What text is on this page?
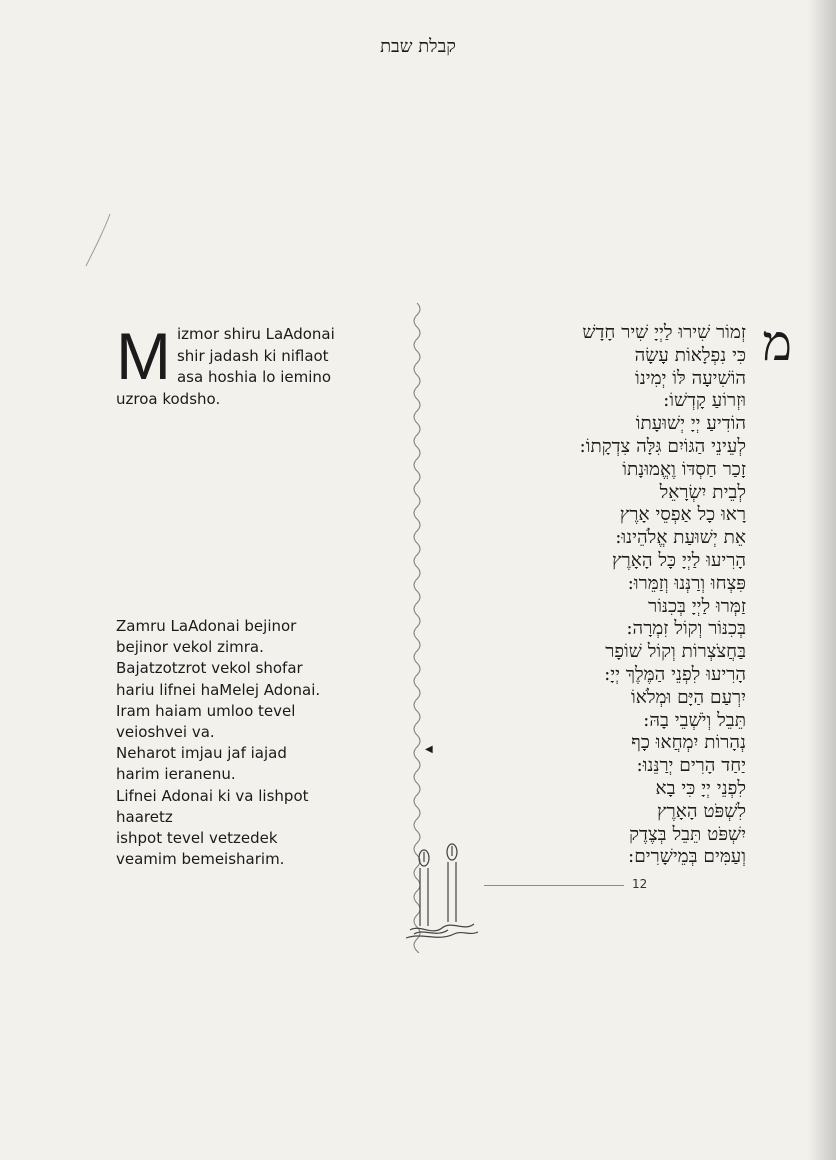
קבלת שבת
M izmor shiru LaAdonai

shir jadash ki niflaot

asa hoshia lo iemino

uzroa kodsho.

Zamru LaAdonai bejinor

bejinor vekol zimra.

Bajatzotzrot vekol shofar

hariu lifnei haMelej Adonai.

Iram haiam umloo tevel

veioshvei va.

Neharot imjau jaf iajad

harim ieranenu.

Lifnei Adonai ki va lishpot

haaretz

ishpot tevel vetzedek

veamim bemeisharim.

מ

זְמוֹר שִׁירוּ לַיְיָ שִׁיר חָדָשׁ

כִּי נִפְלָאוֹת עָשָׂה

הוֹשִׁיעָה לּוֹ יְמִינוֹ

וּזְרוֹעַ קָדְשׁוֹ:

הוֹדִיעַ יְיָ יְשׁוּעָתוֹ

לְעֵינֵי הַגּוֹיִם גִּלָּה צִדְקָתוֹ:

זָכַר חַסְדּוֹ וֶאֱמוּנָתוֹ

לְבֵית יִשְׂרָאֵל

רָאוּ כָל אַפְסֵי אָרֶץ

אֵת יְשׁוּעַת אֱלֹהֵינוּ:

הָרִיעוּ לַיְיָ כָּל הָאָרֶץ

פִּצְחוּ וְרַנְּנוּ וְזַמֵּרוּ:

זַמְּרוּ לַיְיָ בְּכִנּוֹר

בְּכִנּוֹר וְקוֹל זִמְרָה:

בַּחֲצֹצְרוֹת וְקוֹל שׁוֹפָר

הָרִיעוּ לִפְנֵי הַמֶּלֶךְ יְיָ:

יִרְעַם הַיָּם וּמְלֹאוֹ

תֵּבֵל וְיֹשְׁבֵי בָהּ:

נְהָרוֹת יִמְחֲאוּ כָף

יַחַד הָרִים יְרַנֵּנוּ:

לִפְנֵי יְיָ כִּי בָא

לִשְׁפֹּט הָאָרֶץ

יִשְׁפֹּט תֵּבֵל בְּצֶדֶק

וְעַמִּים בְּמֵישָׁרִים:

◀
12
